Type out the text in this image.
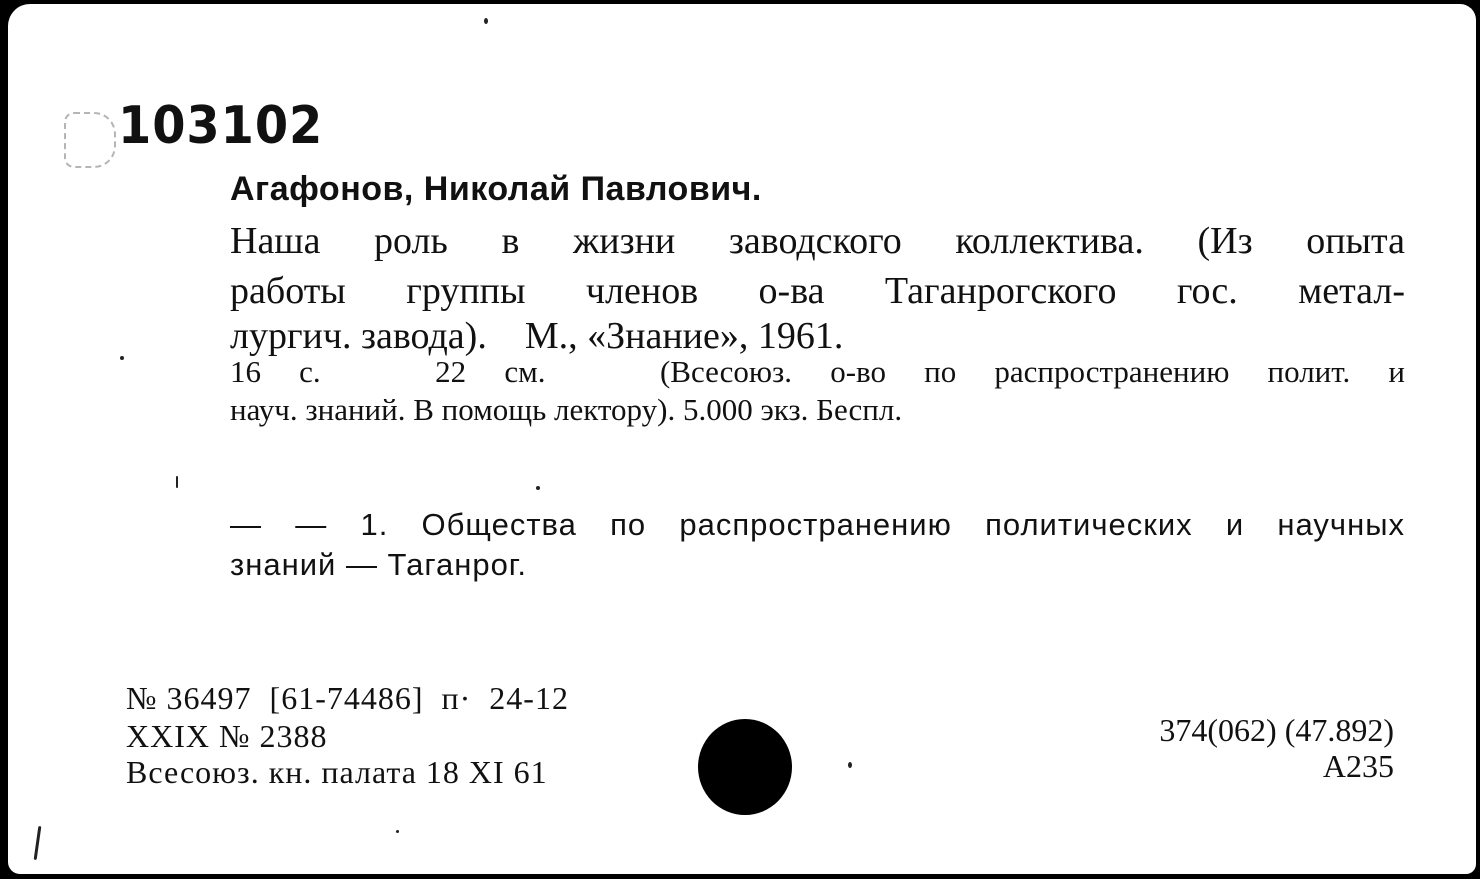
103102
Агафонов, Николай Павлович.
Наша роль в жизни заводского коллектива. (Из опыта
работы группы членов о-ва Таганрогского гос. метал-
лургич. завода).    М., «Знание», 1961.
16 с.   22 см.   (Всесоюз. о-во по распространению полит. и
науч. знаний. В помощь лектору). 5.000 экз. Беспл.
— — 1. Общества по распространению политических и научных
знаний — Таганрог.
№ 36497  [61-74486]  п·  24-12
XXIX № 2388
Всесоюз. кн. палата 18 XI 61
374(062) (47.892)
А235
